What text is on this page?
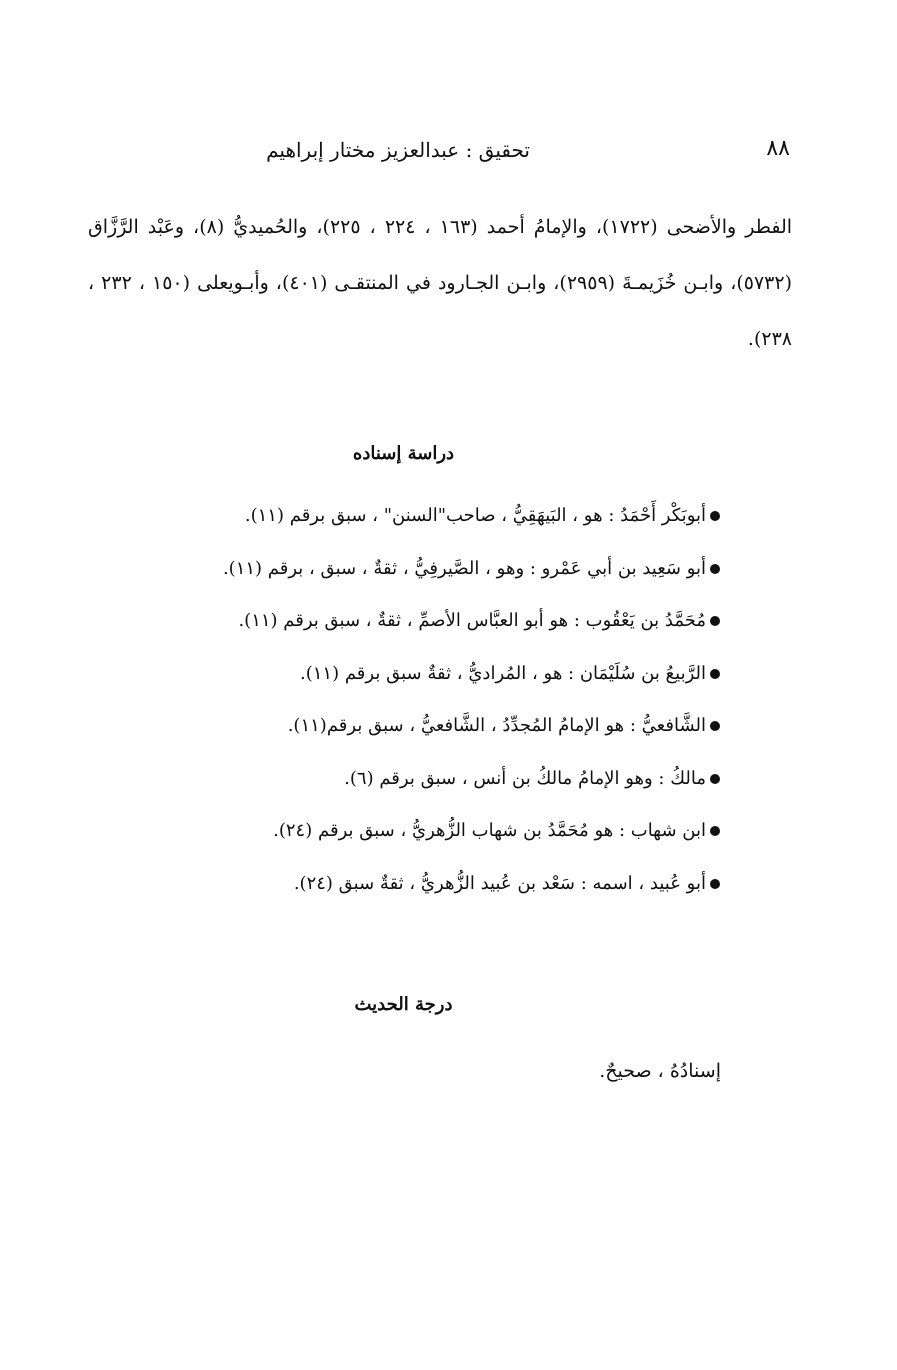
٨٨
تحقيق : عبدالعزيز مختار إبراهيم

الفطر والأضحى (١٧٢٢)، والإمامُ أحمد (١٦٣ ، ٢٢٤ ، ٢٢٥)، والحُميديُّ (٨)، وعَبْد الرَّزَّاق (٥٧٣٢)، وابـن خُزَيمـةَ (٢٩٥٩)، وابـن الجـارود في المنتقـى (٤٠١)، وأبـويعلى (١٥٠ ، ٢٣٢ ، ٢٣٨).

دراسة إسناده
أبوبَكْر أَحْمَدُ : هو ، البَيهَقِيُّ ، صاحب"السنن" ، سبق برقم (١١).
أبو سَعِيد بن أبي عَمْرو : وهو ، الصَّيرفِيُّ ، ثقةٌ ، سبق ، برقم (١١).
مُحَمَّدُ بن يَعْقُوب : هو أبو العبَّاس الأصمِّ ، ثقةٌ ، سبق برقم (١١).
الرَّبيعُ بن سُلَيْمَان : هو ، المُراديُّ ، ثقةٌ سبق برقم (١١).
الشَّافعيُّ : هو الإمامُ المُجدِّدُ ، الشَّافعيُّ ، سبق برقم(١١).
مالكُ : وهو الإمامُ مالكُ بن أنس ، سبق برقم (٦).
ابن شهاب : هو مُحَمَّدُ بن شهاب الزُّهريُّ ، سبق برقم (٢٤).
أبو عُبيد ، اسمه : سَعْد بن عُبيد الزُّهريُّ ، ثقةٌ سبق (٢٤).
درجة الحديث
إسنادُهُ ، صحيحٌ.
